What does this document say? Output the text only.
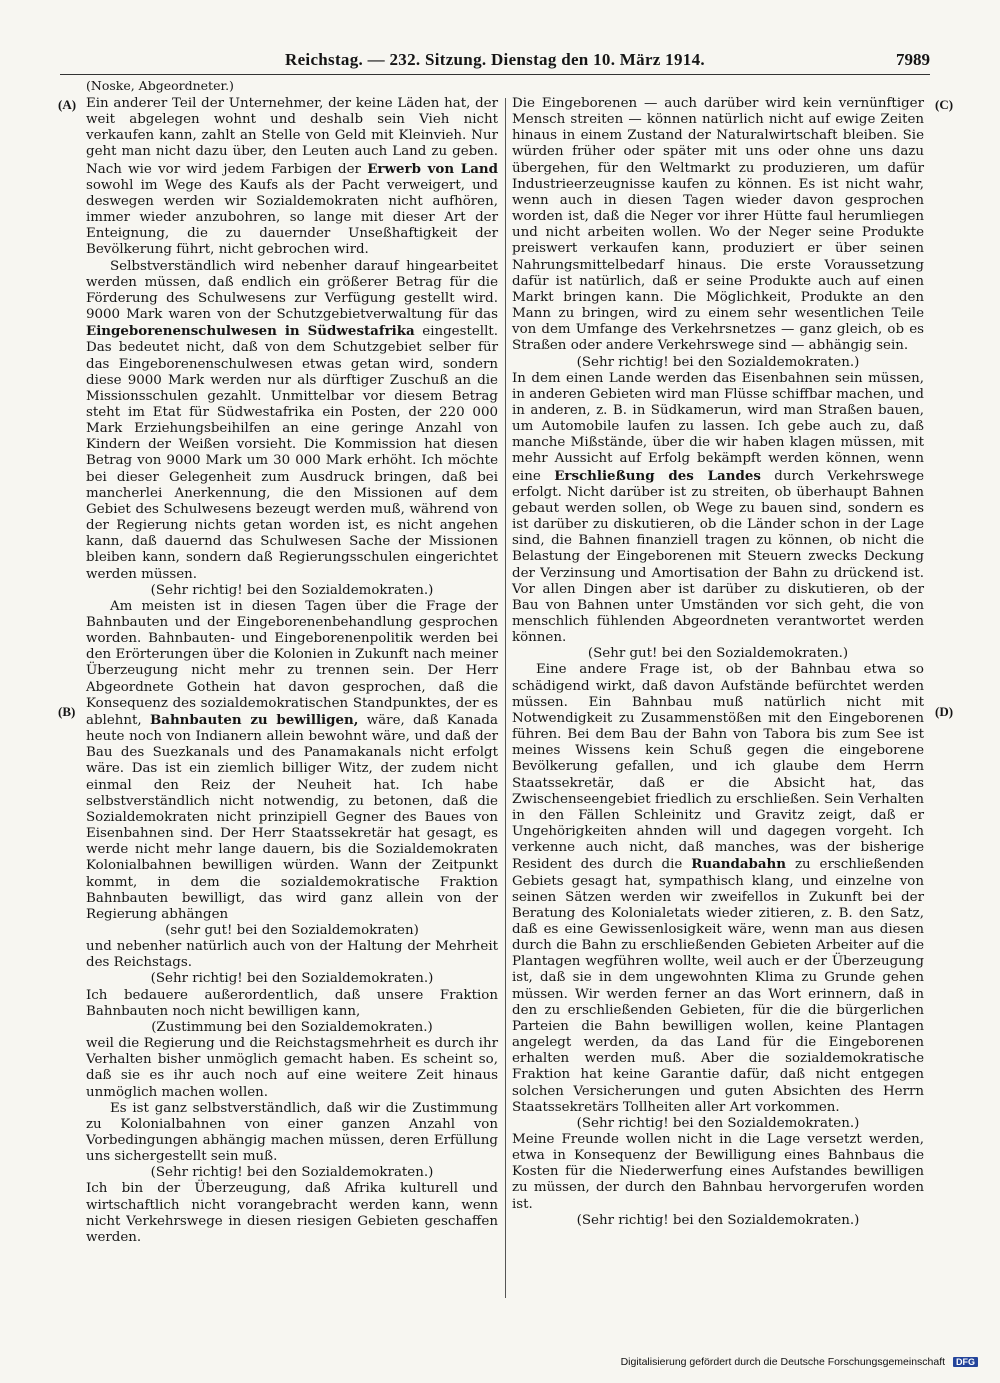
Reichstag. — 232. Sitzung. Dienstag den 10. März 1914.	7989
(Noske, Abgeordneter.)
(A)
(B)
(C)
(D)

Ein anderer Teil der Unternehmer, der keine Läden hat, der weit abgelegen wohnt und deshalb sein Vieh nicht verkaufen kann, zahlt an Stelle von Geld mit Kleinvieh. Nur geht man nicht dazu über, den Leuten auch Land zu geben. Nach wie vor wird jedem Farbigen der Erwerb von Land sowohl im Wege des Kaufs als der Pacht verweigert, und deswegen werden wir Sozialdemokraten nicht aufhören, immer wieder anzubohren, so lange mit dieser Art der Enteignung, die zu dauernder Unseßhaftigkeit der Bevölkerung führt, nicht gebrochen wird.

Selbstverständlich wird nebenher darauf hingearbeitet werden müssen, daß endlich ein größerer Betrag für die Förderung des Schulwesens zur Verfügung gestellt wird. 9000 Mark waren von der Schutzgebietverwaltung für das Eingeborenenschulwesen in Südwestafrika eingestellt. Das bedeutet nicht, daß von dem Schutzgebiet selber für das Eingeborenenschulwesen etwas getan wird, sondern diese 9000 Mark werden nur als dürftiger Zuschuß an die Missionsschulen gezahlt. Unmittelbar vor diesem Betrag steht im Etat für Südwestafrika ein Posten, der 220 000 Mark Erziehungsbeihilfen an eine geringe Anzahl von Kindern der Weißen vorsieht. Die Kommission hat diesen Betrag von 9000 Mark um 30 000 Mark erhöht. Ich möchte bei dieser Gelegenheit zum Ausdruck bringen, daß bei mancherlei Anerkennung, die den Missionen auf dem Gebiet des Schulwesens bezeugt werden muß, während von der Regierung nichts getan worden ist, es nicht angehen kann, daß dauernd das Schulwesen Sache der Missionen bleiben kann, sondern daß Regierungsschulen eingerichtet werden müssen.

(Sehr richtig! bei den Sozialdemokraten.)

Am meisten ist in diesen Tagen über die Frage der Bahnbauten und der Eingeborenenbehandlung gesprochen worden. Bahnbauten- und Eingeborenenpolitik werden bei den Erörterungen über die Kolonien in Zukunft nach meiner Überzeugung nicht mehr zu trennen sein. Der Herr Abgeordnete Gothein hat davon gesprochen, daß die Konsequenz des sozialdemokratischen Standpunktes, der es ablehnt, Bahnbauten zu bewilligen, wäre, daß Kanada heute noch von Indianern allein bewohnt wäre, und daß der Bau des Suezkanals und des Panamakanals nicht erfolgt wäre. Das ist ein ziemlich billiger Witz, der zudem nicht einmal den Reiz der Neuheit hat. Ich habe selbstverständlich nicht notwendig, zu betonen, daß die Sozialdemokraten nicht prinzipiell Gegner des Baues von Eisenbahnen sind. Der Herr Staatssekretär hat gesagt, es werde nicht mehr lange dauern, bis die Sozialdemokraten Kolonialbahnen bewilligen würden. Wann der Zeitpunkt kommt, in dem die sozialdemokratische Fraktion Bahnbauten bewilligt, das wird ganz allein von der Regierung abhängen

(sehr gut! bei den Sozialdemokraten)

und nebenher natürlich auch von der Haltung der Mehrheit des Reichstags.

(Sehr richtig! bei den Sozialdemokraten.)

Ich bedauere außerordentlich, daß unsere Fraktion Bahnbauten noch nicht bewilligen kann,

(Zustimmung bei den Sozialdemokraten.)

weil die Regierung und die Reichstagsmehrheit es durch ihr Verhalten bisher unmöglich gemacht haben. Es scheint so, daß sie es ihr auch noch auf eine weitere Zeit hinaus unmöglich machen wollen.

Es ist ganz selbstverständlich, daß wir die Zustimmung zu Kolonialbahnen von einer ganzen Anzahl von Vorbedingungen abhängig machen müssen, deren Erfüllung uns sichergestellt sein muß.

(Sehr richtig! bei den Sozialdemokraten.)

Ich bin der Überzeugung, daß Afrika kulturell und wirtschaftlich nicht vorangebracht werden kann, wenn nicht Verkehrswege in diesen riesigen Gebieten geschaffen werden.

Die Eingeborenen — auch darüber wird kein vernünftiger Mensch streiten — können natürlich nicht auf ewige Zeiten hinaus in einem Zustand der Naturalwirtschaft bleiben. Sie würden früher oder später mit uns oder ohne uns dazu übergehen, für den Weltmarkt zu produzieren, um dafür Industrieerzeugnisse kaufen zu können. Es ist nicht wahr, wenn auch in diesen Tagen wieder davon gesprochen worden ist, daß die Neger vor ihrer Hütte faul herumliegen und nicht arbeiten wollen. Wo der Neger seine Produkte preiswert verkaufen kann, produziert er über seinen Nahrungsmittelbedarf hinaus. Die erste Voraussetzung dafür ist natürlich, daß er seine Produkte auch auf einen Markt bringen kann. Die Möglichkeit, Produkte an den Mann zu bringen, wird zu einem sehr wesentlichen Teile von dem Umfange des Verkehrsnetzes — ganz gleich, ob es Straßen oder andere Verkehrswege sind — abhängig sein.

(Sehr richtig! bei den Sozialdemokraten.)

In dem einen Lande werden das Eisenbahnen sein müssen, in anderen Gebieten wird man Flüsse schiffbar machen, und in anderen, z. B. in Südkamerun, wird man Straßen bauen, um Automobile laufen zu lassen. Ich gebe auch zu, daß manche Mißstände, über die wir haben klagen müssen, mit mehr Aussicht auf Erfolg bekämpft werden können, wenn eine Erschließung des Landes durch Verkehrswege erfolgt. Nicht darüber ist zu streiten, ob überhaupt Bahnen gebaut werden sollen, ob Wege zu bauen sind, sondern es ist darüber zu diskutieren, ob die Länder schon in der Lage sind, die Bahnen finanziell tragen zu können, ob nicht die Belastung der Eingeborenen mit Steuern zwecks Deckung der Verzinsung und Amortisation der Bahn zu drückend ist. Vor allen Dingen aber ist darüber zu diskutieren, ob der Bau von Bahnen unter Umständen vor sich geht, die von menschlich fühlenden Abgeordneten verantwortet werden können.

(Sehr gut! bei den Sozialdemokraten.)

Eine andere Frage ist, ob der Bahnbau etwa so schädigend wirkt, daß davon Aufstände befürchtet werden müssen. Ein Bahnbau muß natürlich nicht mit Notwendigkeit zu Zusammenstößen mit den Eingeborenen führen. Bei dem Bau der Bahn von Tabora bis zum See ist meines Wissens kein Schuß gegen die eingeborene Bevölkerung gefallen, und ich glaube dem Herrn Staatssekretär, daß er die Absicht hat, das Zwischenseengebiet friedlich zu erschließen. Sein Verhalten in den Fällen Schleinitz und Gravitz zeigt, daß er Ungehörigkeiten ahnden will und dagegen vorgeht. Ich verkenne auch nicht, daß manches, was der bisherige Resident des durch die Ruandabahn zu erschließenden Gebiets gesagt hat, sympathisch klang, und einzelne von seinen Sätzen werden wir zweifellos in Zukunft bei der Beratung des Kolonialetats wieder zitieren, z. B. den Satz, daß es eine Gewissenlosigkeit wäre, wenn man aus diesen durch die Bahn zu erschließenden Gebieten Arbeiter auf die Plantagen wegführen wollte, weil auch er der Überzeugung ist, daß sie in dem ungewohnten Klima zu Grunde gehen müssen. Wir werden ferner an das Wort erinnern, daß in den zu erschließenden Gebieten, für die die bürgerlichen Parteien die Bahn bewilligen wollen, keine Plantagen angelegt werden, da das Land für die Eingeborenen erhalten werden muß. Aber die sozialdemokratische Fraktion hat keine Garantie dafür, daß nicht entgegen solchen Versicherungen und guten Absichten des Herrn Staatssekretärs Tollheiten aller Art vorkommen.

(Sehr richtig! bei den Sozialdemokraten.)

Meine Freunde wollen nicht in die Lage versetzt werden, etwa in Konsequenz der Bewilligung eines Bahnbaus die Kosten für die Niederwerfung eines Aufstandes bewilligen zu müssen, der durch den Bahnbau hervorgerufen worden ist.

(Sehr richtig! bei den Sozialdemokraten.)

Digitalisierung gefördert durch die Deutsche Forschungsgemeinschaft DFG
